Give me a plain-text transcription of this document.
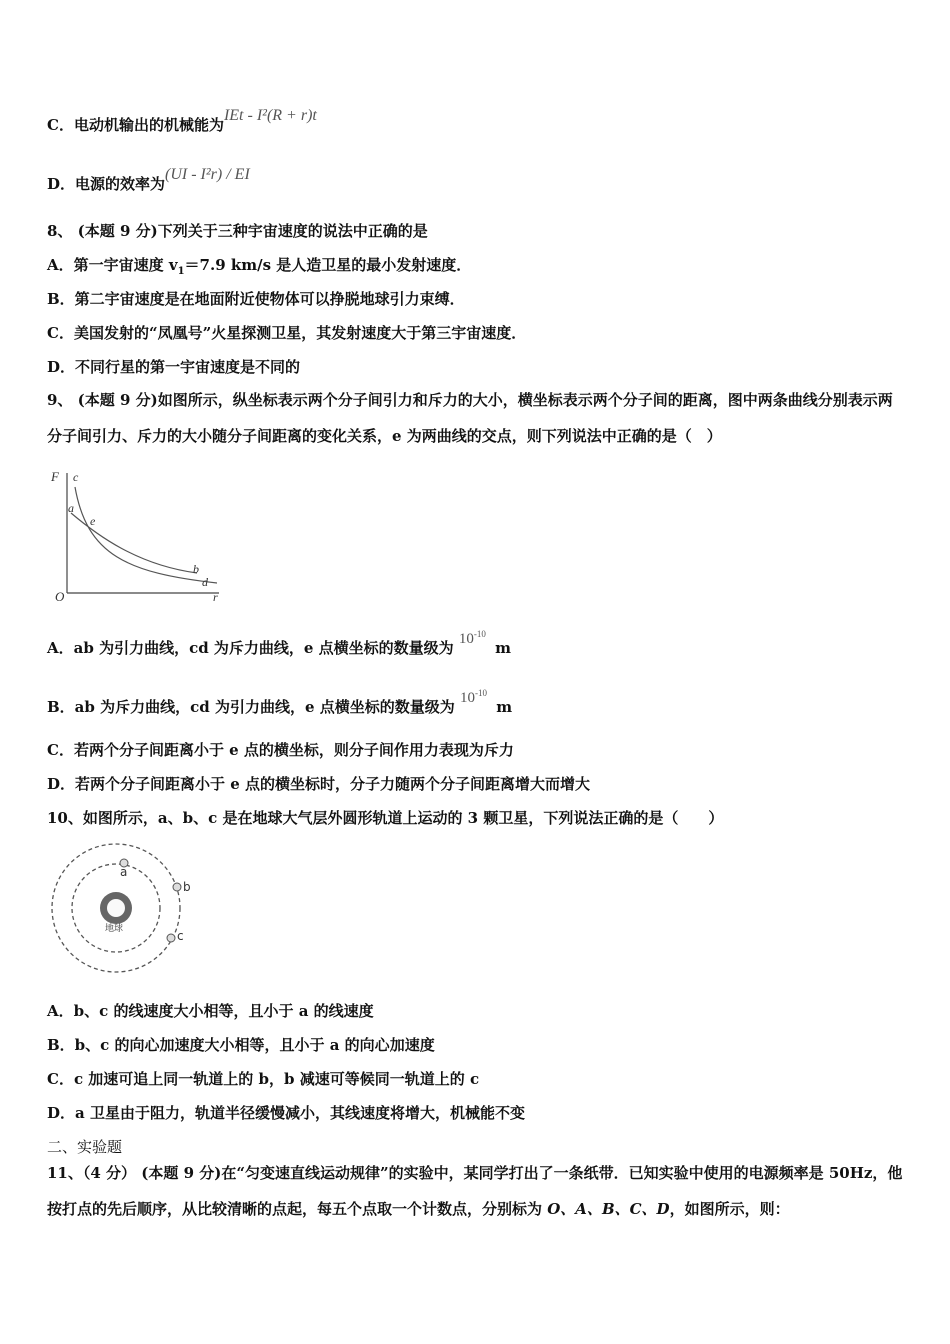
C．电动机输出的机械能为IEt - I²(R + r)t
D．电源的效率为(UI - I²r) / EI
8、 (本题 9 分)下列关于三种宇宙速度的说法中正确的是
A．第一宇宙速度 $v_1=7.9$ km/s 是人造卫星的最小发射速度．
B．第二宇宙速度是在地面附近使物体可以挣脱地球引力束缚．
C．美国发射的“凤凰号”火星探测卫星，其发射速度大于第三宇宙速度．
D．不同行星的第一宇宙速度是不同的
9、 (本题 9 分)如图所示，纵坐标表示两个分子间引力和斥力的大小，横坐标表示两个分子间的距离，图中两条曲线分别表示两分子间引力、斥力的大小随分子间距离的变化关系，e 为两曲线的交点，则下列说法中正确的是（　）
F c
a
e
b
d
O	r
A．ab 为引力曲线，cd 为斥力曲线，e 点横坐标的数量级为 $10^{-10}$ m
B．ab 为斥力曲线，cd 为引力曲线，e 点横坐标的数量级为 $10^{-10}$ m
C．若两个分子间距离小于 e 点的横坐标，则分子间作用力表现为斥力
D．若两个分子间距离小于 e 点的横坐标时，分子力随两个分子间距离增大而增大
10、如图所示，a、b、c 是在地球大气层外圆形轨道上运动的 3 颗卫星，下列说法正确的是（　　）
地球
a
b
c
A．b、c 的线速度大小相等，且小于 a 的线速度
B．b、c 的向心加速度大小相等，且小于 a 的向心加速度
C．c 加速可追上同一轨道上的 b，b 减速可等候同一轨道上的 c
D．a 卫星由于阻力，轨道半径缓慢减小，其线速度将增大，机械能不变
二、实验题
11、（4 分） (本题 9 分)在“匀变速直线运动规律”的实验中，某同学打出了一条纸带．已知实验中使用的电源频率是 50Hz，他按打点的先后顺序，从比较清晰的点起，每五个点取一个计数点，分别标为 O、A、B、C、D，如图所示，则：
